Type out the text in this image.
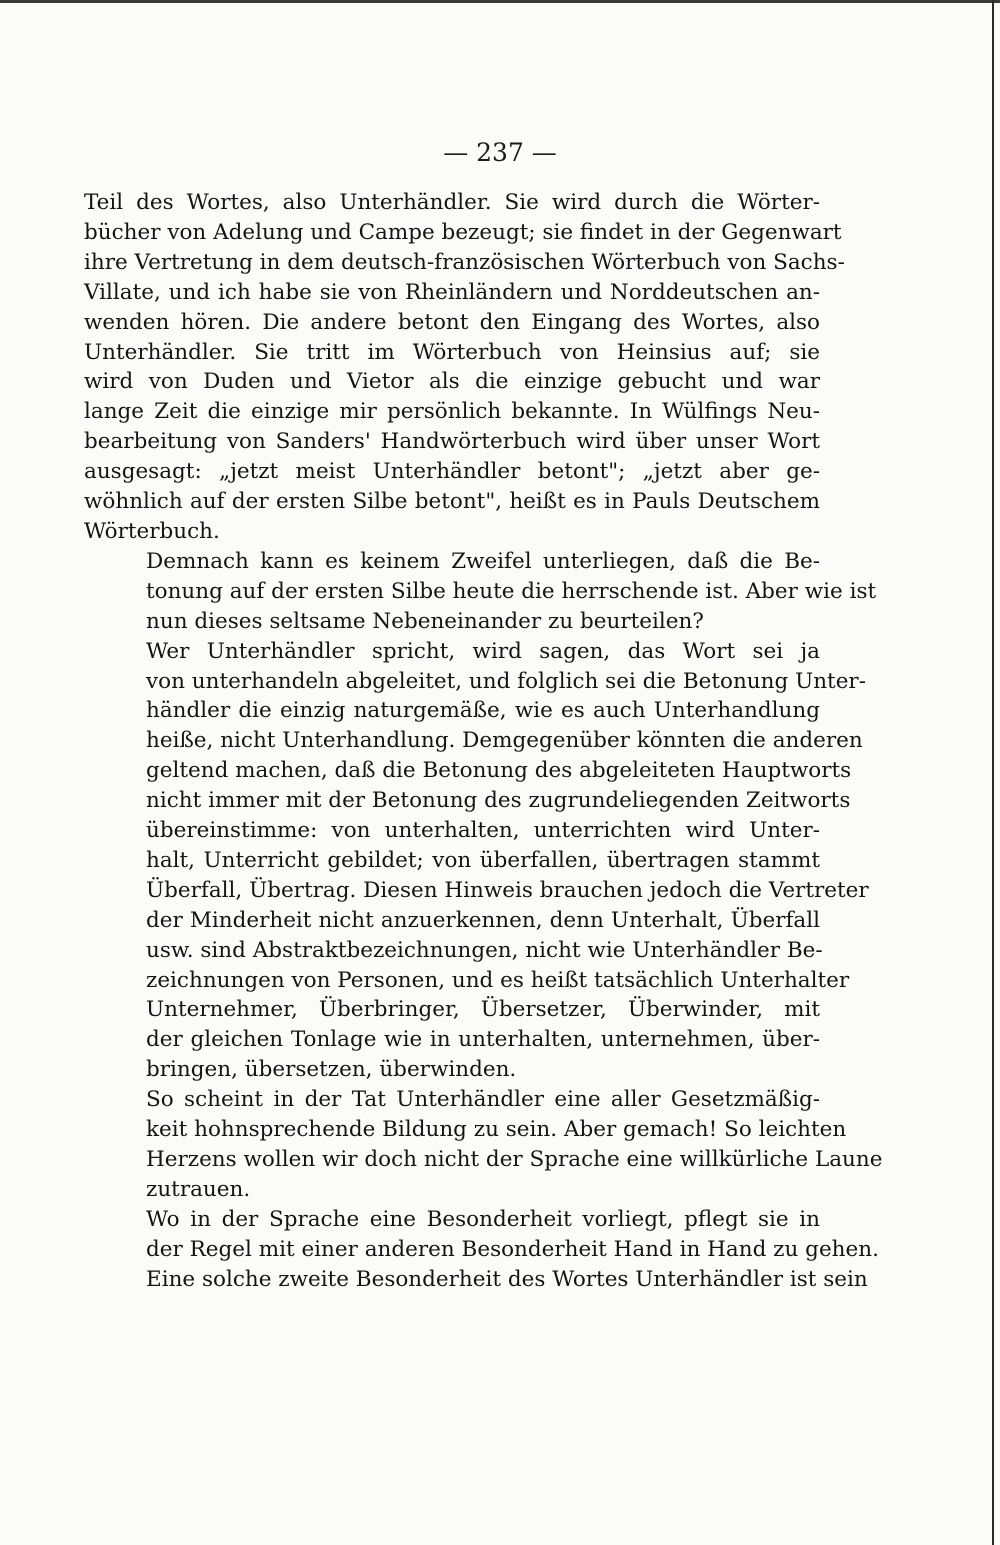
— 237 —

Teil des Wortes, also Unterhändler. Sie wird durch die Wörter-
bücher von Adelung und Campe bezeugt; sie findet in der Gegenwart
ihre Vertretung in dem deutsch-französischen Wörterbuch von Sachs-
Villate, und ich habe sie von Rheinländern und Norddeutschen an-
wenden hören. Die andere betont den Eingang des Wortes, also
Unterhändler. Sie tritt im Wörterbuch von Heinsius auf; sie
wird von Duden und Vietor als die einzige gebucht und war
lange Zeit die einzige mir persönlich bekannte. In Wülfings Neu-
bearbeitung von Sanders' Handwörterbuch wird über unser Wort
ausgesagt: „jetzt meist Unterhändler betont"; „jetzt aber ge-
wöhnlich auf der ersten Silbe betont", heißt es in Pauls Deutschem
Wörterbuch.

Demnach kann es keinem Zweifel unterliegen, daß die Be-
tonung auf der ersten Silbe heute die herrschende ist. Aber wie ist
nun dieses seltsame Nebeneinander zu beurteilen?

Wer Unterhändler spricht, wird sagen, das Wort sei ja
von unterhandeln abgeleitet, und folglich sei die Betonung Unter-
händler die einzig naturgemäße, wie es auch Unterhandlung
heiße, nicht Unterhandlung. Demgegenüber könnten die anderen
geltend machen, daß die Betonung des abgeleiteten Hauptworts
nicht immer mit der Betonung des zugrundeliegenden Zeitworts
übereinstimme: von unterhalten, unterrichten wird Unter-
halt, Unterricht gebildet; von überfallen, übertragen stammt
Überfall, Übertrag. Diesen Hinweis brauchen jedoch die Vertreter
der Minderheit nicht anzuerkennen, denn Unterhalt, Überfall
usw. sind Abstraktbezeichnungen, nicht wie Unterhändler Be-
zeichnungen von Personen, und es heißt tatsächlich Unterhalter
Unternehmer, Überbringer, Übersetzer, Überwinder, mit
der gleichen Tonlage wie in unterhalten, unternehmen, über-
bringen, übersetzen, überwinden.

So scheint in der Tat Unterhändler eine aller Gesetzmäßig-
keit hohnsprechende Bildung zu sein. Aber gemach! So leichten
Herzens wollen wir doch nicht der Sprache eine willkürliche Laune
zutrauen.

Wo in der Sprache eine Besonderheit vorliegt, pflegt sie in
der Regel mit einer anderen Besonderheit Hand in Hand zu gehen.
Eine solche zweite Besonderheit des Wortes Unterhändler ist sein
